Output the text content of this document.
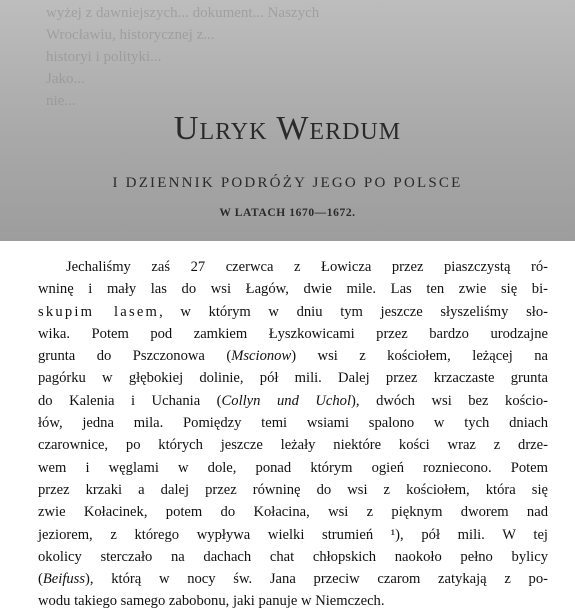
wyżej z dawniejszych... dokument... Naszych
Wrocławiu, historycznej z...
historyi i polityki...
Jako...
nie...
Ulryk Werdum
I DZIENNIK PODRÓŻY JEGO PO POLSCE
W LATACH 1670—1672.
Jechaliśmy zaś 27 czerwca z Łowicza przez piaszczystą ró-
wninę i mały las do wsi Łagów, dwie mile. Las ten zwie się bi-
skupim lasem, w którym w dniu tym jeszcze słyszeliśmy sło-
wika. Potem pod zamkiem Łyszkowicami przez bardzo urodzajne
grunta do Pszczonowa (Mscionow) wsi z kościołem, leżącej na
pagórku w głębokiej dolinie, pół mili. Dalej przez krzaczaste grunta
do Kalenia i Uchania (Collyn und Uchol), dwóch wsi bez kościo-
łów, jedna mila. Pomiędzy temi wsiami spalono w tych dniach
czarownice, po których jeszcze leżały niektóre kości wraz z drze-
wem i węglami w dole, ponad którym ogień rozniecono. Potem
przez krzaki a dalej przez równinę do wsi z kościołem, która się
zwie Kołacinek, potem do Kołacina, wsi z pięknym dworem nad
jeziorem, z którego wypływa wielki strumień ¹), pół mili. W tej
okolicy sterczało na dachach chat chłopskich naokoło pełno bylicy
(Beifuss), którą w nocy św. Jana przeciw czarom zatykają z po-
wodu takiego samego zabobonu, jaki panuje w Niemczech.
